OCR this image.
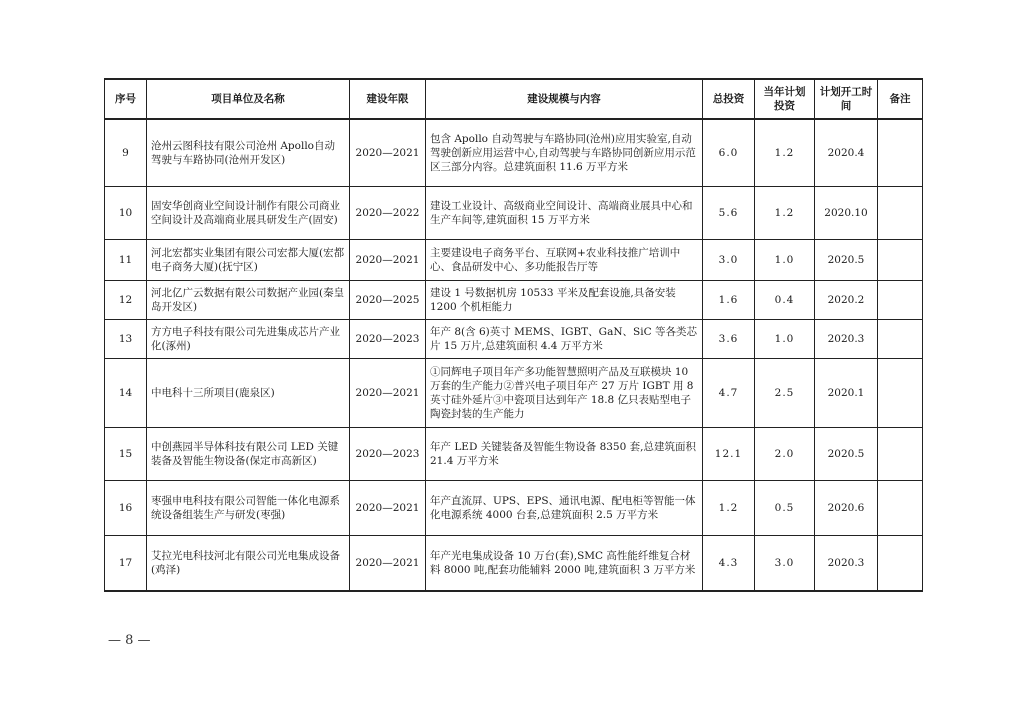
序号	项目单位及名称	建设年限	建设规模与内容	总投资	当年计划投资	计划开工时间	备注
9	沧州云图科技有限公司沧州 Apollo自动驾驶与车路协同(沧州开发区)	2020—2021	包含 Apollo 自动驾驶与车路协同(沧州)应用实验室,自动驾驶创新应用运营中心,自动驾驶与车路协同创新应用示范区三部分内容。总建筑面积 11.6 万平方米	6.0	1.2	2020.4	
10	固安华创商业空间设计制作有限公司商业空间设计及高端商业展具研发生产(固安)	2020—2022	建设工业设计、高级商业空间设计、高端商业展具中心和生产车间等,建筑面积 15 万平方米	5.6	1.2	2020.10	
11	河北宏都实业集团有限公司宏都大厦(宏都电子商务大厦)(抚宁区)	2020—2021	主要建设电子商务平台、互联网+农业科技推广培训中心、食品研发中心、多功能报告厅等	3.0	1.0	2020.5	
12	河北亿广云数据有限公司数据产业园(秦皇岛开发区)	2020—2025	建设 1 号数据机房 10533 平米及配套设施,具备安装 1200 个机柜能力	1.6	0.4	2020.2	
13	方方电子科技有限公司先进集成芯片产业化(涿州)	2020—2023	年产 8(含 6)英寸 MEMS、IGBT、GaN、SiC 等各类芯片 15 万片,总建筑面积 4.4 万平方米	3.6	1.0	2020.3	
14	中电科十三所项目(鹿泉区)	2020—2021	①同辉电子项目年产多功能智慧照明产品及互联模块 10 万套的生产能力②普兴电子项目年产 27 万片 IGBT 用 8 英寸硅外延片③中瓷项目达到年产 18.8 亿只表贴型电子陶瓷封装的生产能力	4.7	2.5	2020.1	
15	中创燕园半导体科技有限公司 LED 关键装备及智能生物设备(保定市高新区)	2020—2023	年产 LED 关键装备及智能生物设备 8350 套,总建筑面积 21.4 万平方米	12.1	2.0	2020.5	
16	枣强申电科技有限公司智能一体化电源系统设备组装生产与研发(枣强)	2020—2021	年产直流屏、UPS、EPS、通讯电源、配电柜等智能一体化电源系统 4000 台套,总建筑面积 2.5 万平方米	1.2	0.5	2020.6	
17	艾拉光电科技河北有限公司光电集成设备(鸡泽)	2020—2021	年产光电集成设备 10 万台(套),SMC 高性能纤维复合材料 8000 吨,配套功能辅料 2000 吨,建筑面积 3 万平方米	4.3	3.0	2020.3	
— 8 —
